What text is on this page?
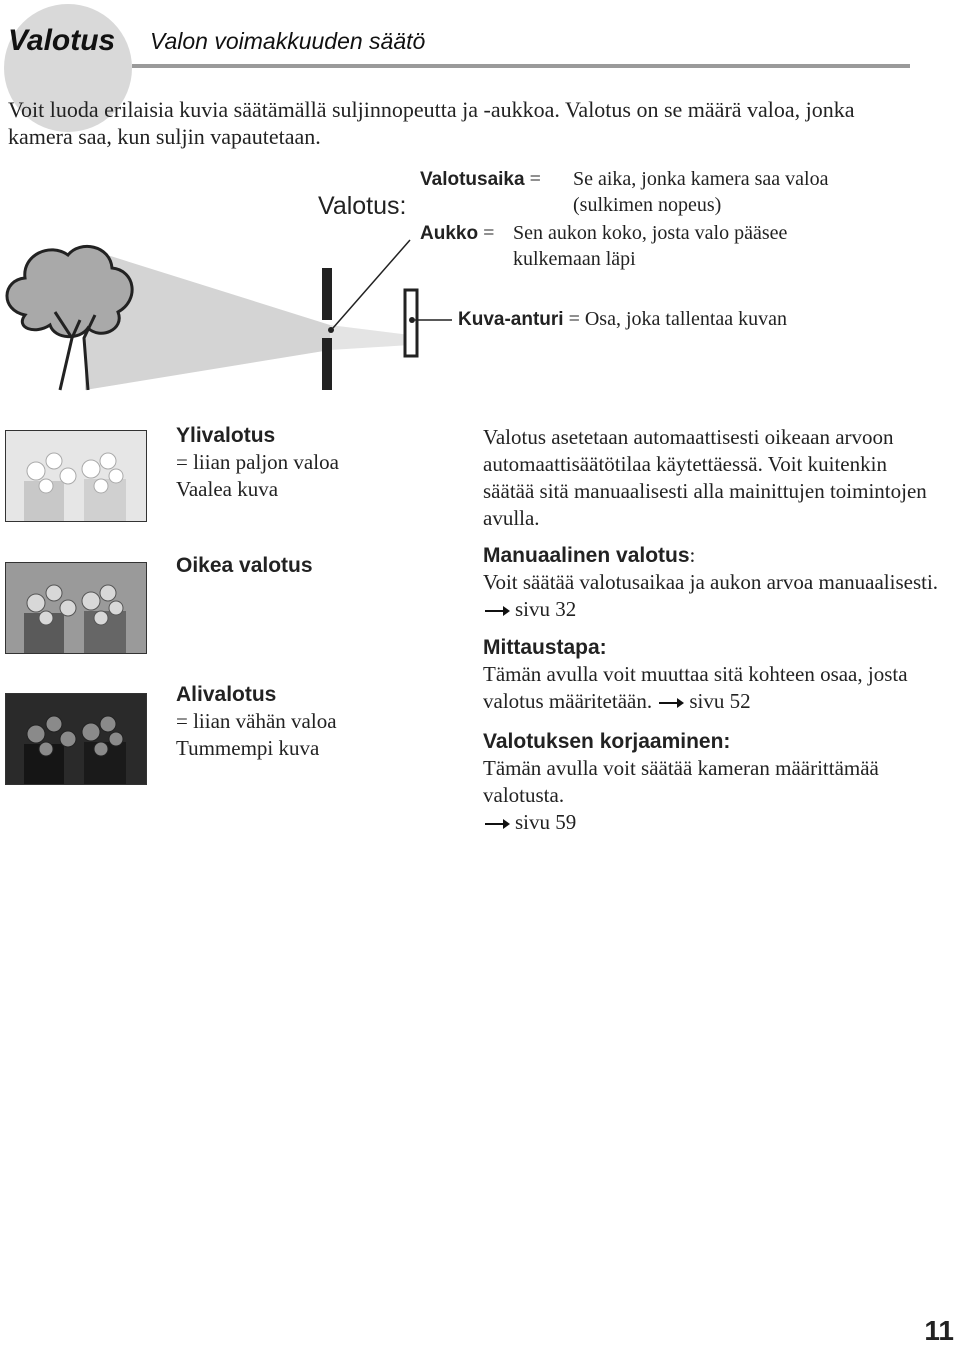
Valotus Valon voimakkuuden säätö
Voit luoda erilaisia kuvia säätämällä suljinnopeutta ja -aukkoa. Valotus on se määrä valoa, jonka kamera saa, kun suljin vapautetaan.
Valotus:
Valotusaika = Se aika, jonka kamera saa valoa
(sulkimen nopeus)
Aukko = Sen aukon koko, josta valo pääsee
kulkemaan läpi
Kuva-anturi = Osa, joka tallentaa kuvan
Ylivalotus
= liian paljon valoa
Vaalea kuva
Oikea valotus
Alivalotus
= liian vähän valoa
Tummempi kuva
Valotus asetetaan automaattisesti oikeaan arvoon automaattisäätötilaa käytettäessä. Voit kuitenkin säätää sitä manuaalisesti alla mainittujen toimintojen avulla.
Manuaalinen valotus:
Voit säätää valotusaikaa ja aukon arvoa manuaalisesti. sivu 32
Mittaustapa:
Tämän avulla voit muuttaa sitä kohteen osaa, josta valotus määritetään. sivu 52
Valotuksen korjaaminen:
Tämän avulla voit säätää kameran määrittämää valotusta.
sivu 59
11
